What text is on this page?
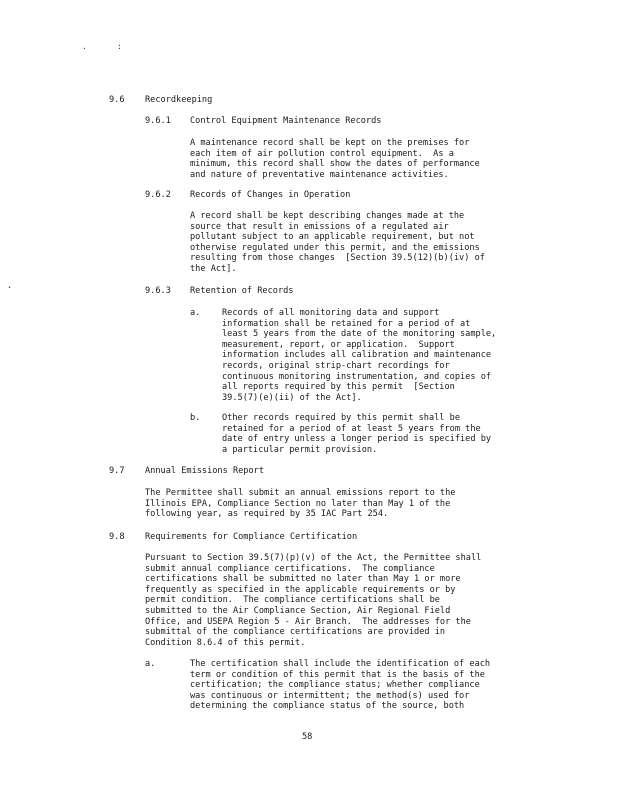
.	:
•
9.6 Recordkeeping
9.6.1 Control Equipment Maintenance Records
A maintenance record shall be kept on the premises for
each item of air pollution control equipment.  As a
minimum, this record shall show the dates of performance
and nature of preventative maintenance activities.
9.6.2 Records of Changes in Operation
A record shall be kept describing changes made at the
source that result in emissions of a regulated air
pollutant subject to an applicable requirement, but not
otherwise regulated under this permit, and the emissions
resulting from those changes  [Section 39.5(12)(b)(iv) of
the Act].
9.6.3 Retention of Records
a.	Records of all monitoring data and support
information shall be retained for a period of at
least 5 years from the date of the monitoring sample,
measurement, report, or application.  Support
information includes all calibration and maintenance
records, original strip-chart recordings for
continuous monitoring instrumentation, and copies of
all reports required by this permit  [Section
39.5(7)(e)(ii) of the Act].
b.	Other records required by this permit shall be
retained for a period of at least 5 years from the
date of entry unless a longer period is specified by
a particular permit provision.
9.7 Annual Emissions Report
The Permittee shall submit an annual emissions report to the
Illinois EPA, Compliance Section no later than May 1 of the
following year, as required by 35 IAC Part 254.
9.8 Requirements for Compliance Certification
Pursuant to Section 39.5(7)(p)(v) of the Act, the Permittee shall
submit annual compliance certifications.  The compliance
certifications shall be submitted no later than May 1 or more
frequently as specified in the applicable requirements or by
permit condition.  The compliance certifications shall be
submitted to the Air Compliance Section, Air Regional Field
Office, and USEPA Region 5 - Air Branch.  The addresses for the
submittal of the compliance certifications are provided in
Condition 8.6.4 of this permit.
a.	The certification shall include the identification of each
term or condition of this permit that is the basis of the
certification; the compliance status; whether compliance
was continuous or intermittent; the method(s) used for
determining the compliance status of the source, both
58
